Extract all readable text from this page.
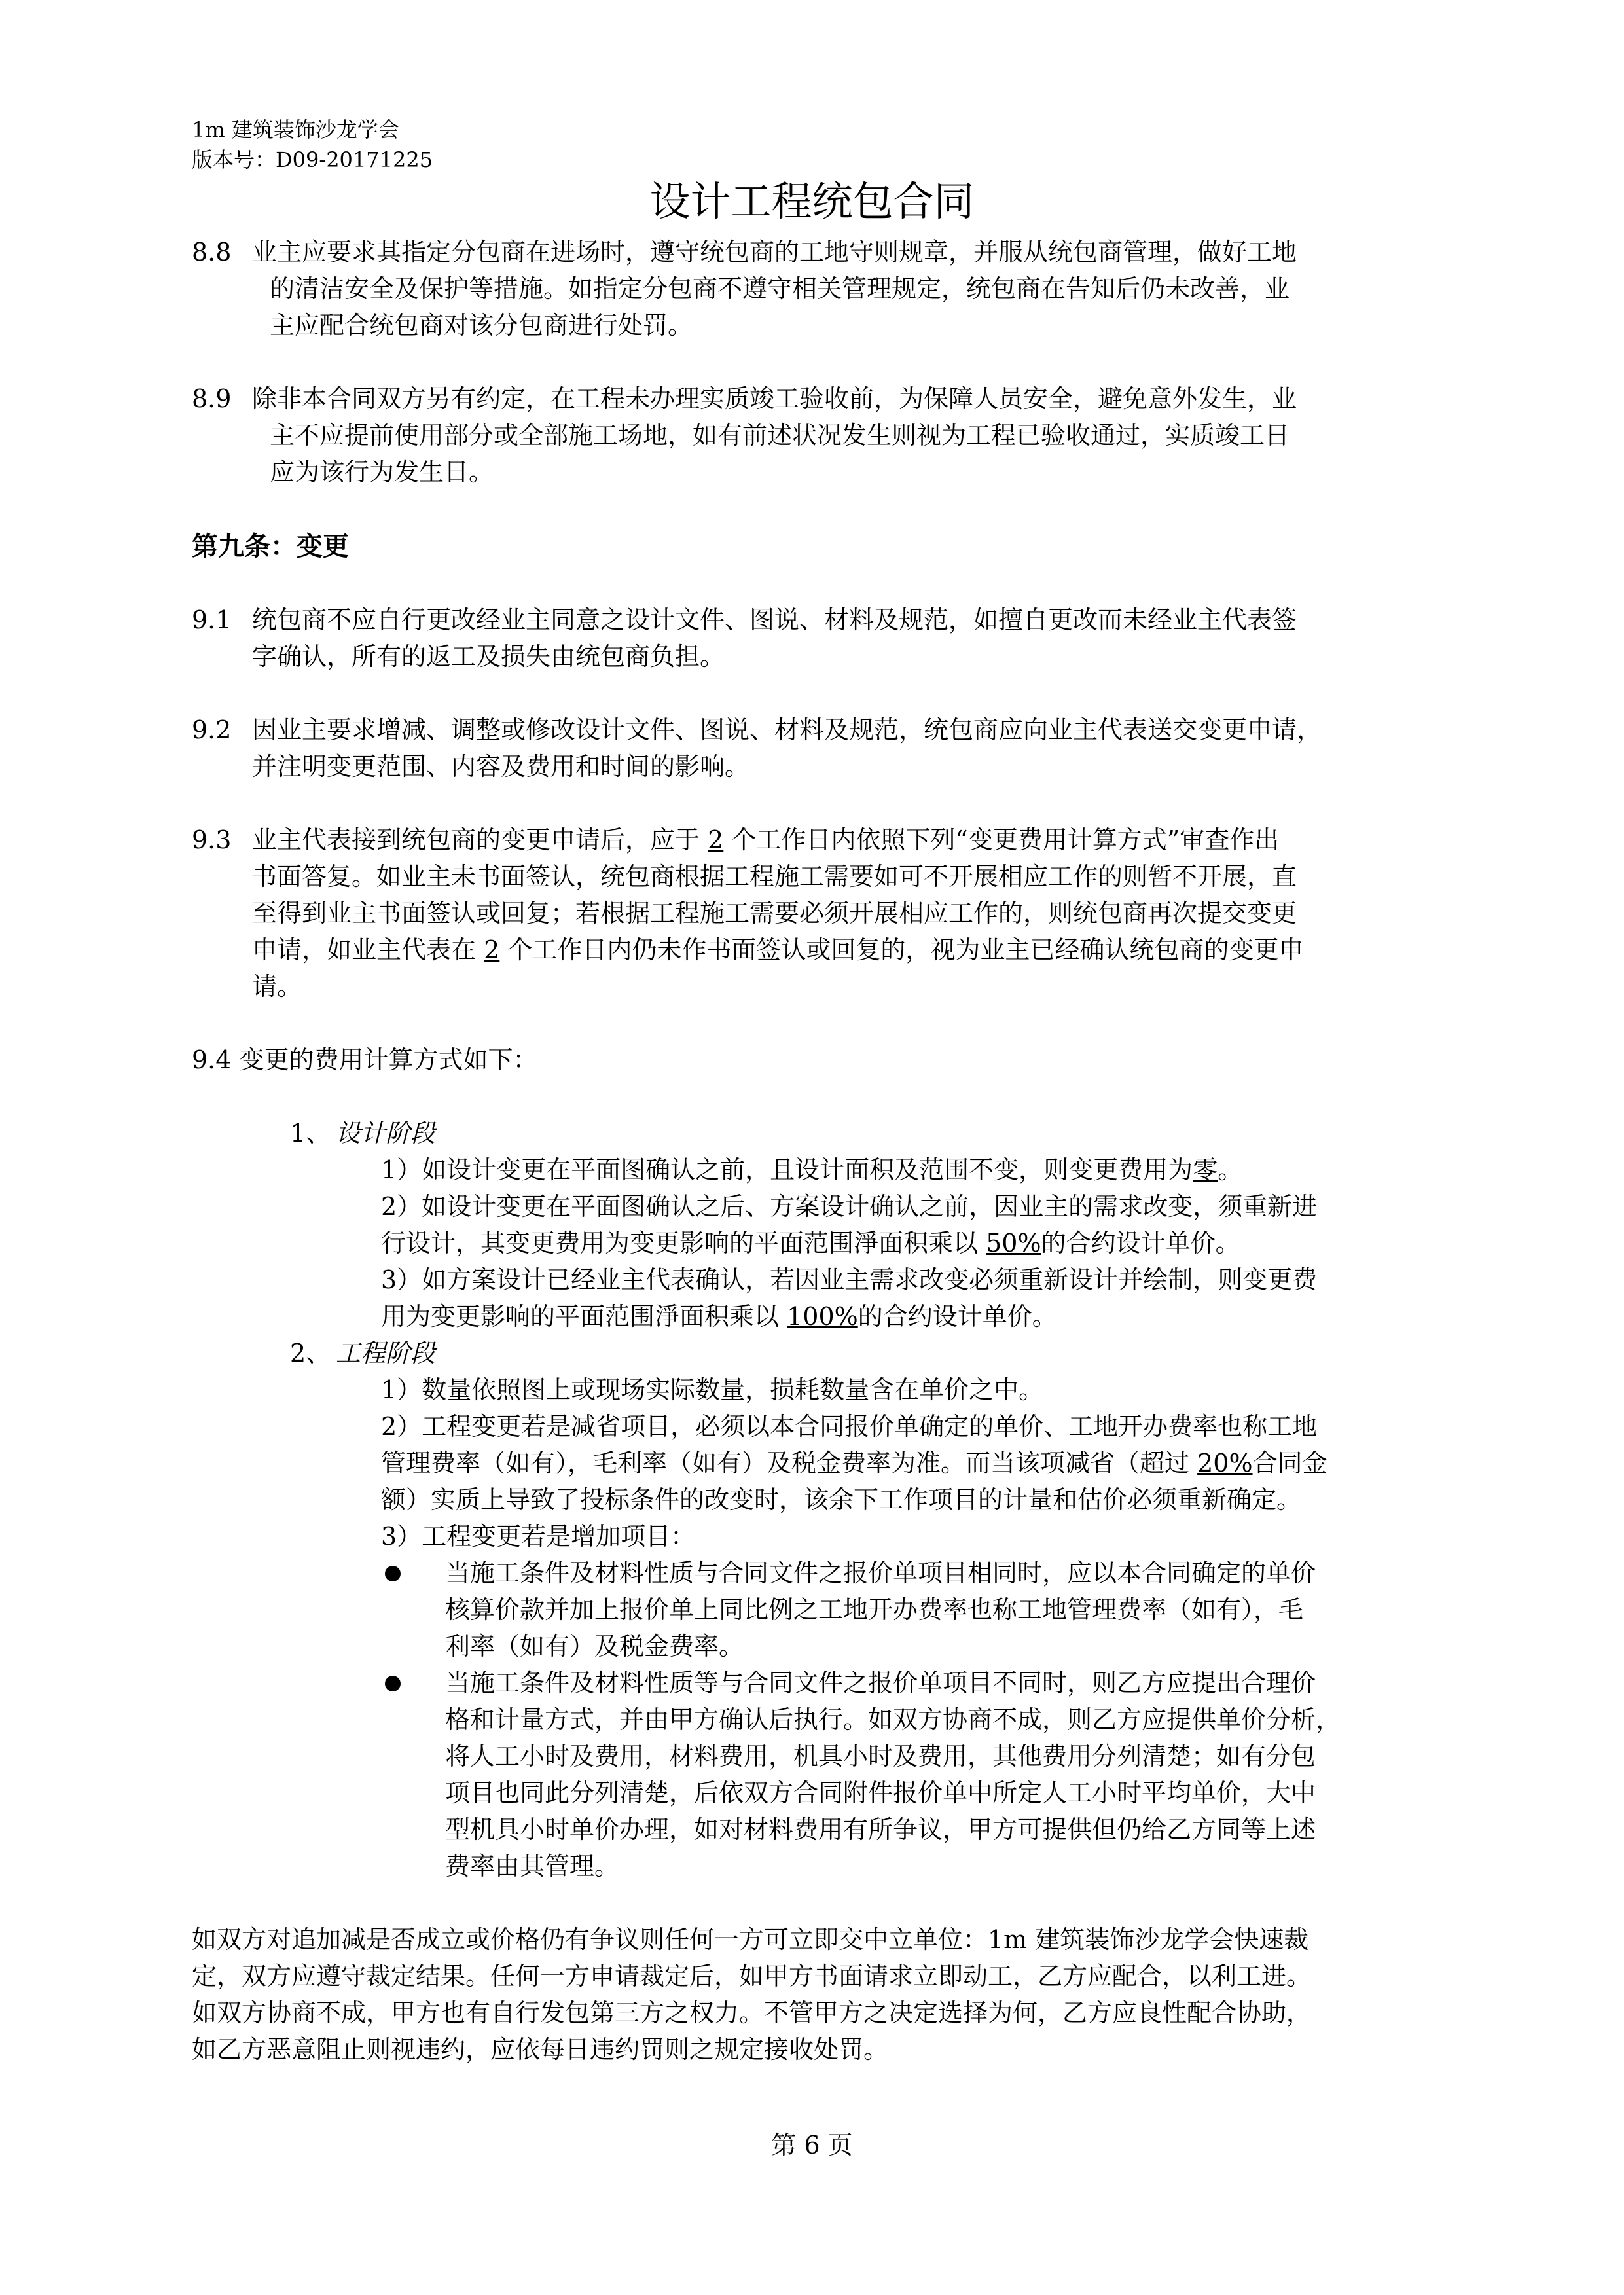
1m 建筑装饰沙龙学会
版本号：D09-20171225
设计工程统包合同
8.8 业主应要求其指定分包商在进场时，遵守统包商的工地守则规章，并服从统包商管理，做好工地
的清洁安全及保护等措施。如指定分包商不遵守相关管理规定，统包商在告知后仍未改善，业
主应配合统包商对该分包商进行处罚。
8.9 除非本合同双方另有约定，在工程未办理实质竣工验收前，为保障人员安全，避免意外发生，业
主不应提前使用部分或全部施工场地，如有前述状况发生则视为工程已验收通过，实质竣工日
应为该行为发生日。
第九条：变更
9.1 统包商不应自行更改经业主同意之设计文件、图说、材料及规范，如擅自更改而未经业主代表签
字确认，所有的返工及损失由统包商负担。
9.2 因业主要求增减、调整或修改设计文件、图说、材料及规范，统包商应向业主代表送交变更申请，
并注明变更范围、内容及费用和时间的影响。
9.3 业主代表接到统包商的变更申请后，应于 2 个工作日内依照下列“变更费用计算方式”审查作出
书面答复。如业主未书面签认，统包商根据工程施工需要如可不开展相应工作的则暂不开展，直
至得到业主书面签认或回复；若根据工程施工需要必须开展相应工作的，则统包商再次提交变更
申请，如业主代表在 2 个工作日内仍未作书面签认或回复的，视为业主已经确认统包商的变更申
请。
9.4 变更的费用计算方式如下：
1、 设计阶段
1）如设计变更在平面图确认之前，且设计面积及范围不变，则变更费用为零。
2）如设计变更在平面图确认之后、方案设计确认之前，因业主的需求改变，须重新进
行设计，其变更费用为变更影响的平面范围淨面积乘以 50%的合约设计单价。
3）如方案设计已经业主代表确认，若因业主需求改变必须重新设计并绘制，则变更费
用为变更影响的平面范围淨面积乘以 100%的合约设计单价。
2、 工程阶段
1）数量依照图上或现场实际数量，损耗数量含在单价之中。
2）工程变更若是减省项目，必须以本合同报价单确定的单价、工地开办费率也称工地
管理费率（如有），毛利率（如有）及税金费率为准。而当该项减省（超过 20%合同金
额）实质上导致了投标条件的改变时，该余下工作项目的计量和估价必须重新确定。
3）工程变更若是增加项目：
当施工条件及材料性质与合同文件之报价单项目相同时，应以本合同确定的单价
核算价款并加上报价单上同比例之工地开办费率也称工地管理费率（如有），毛
利率（如有）及税金费率。
当施工条件及材料性质等与合同文件之报价单项目不同时，则乙方应提出合理价
格和计量方式，并由甲方确认后执行。如双方协商不成，则乙方应提供单价分析，
将人工小时及费用，材料费用，机具小时及费用，其他费用分列清楚；如有分包
项目也同此分列清楚，后依双方合同附件报价单中所定人工小时平均单价，大中
型机具小时单价办理，如对材料费用有所争议，甲方可提供但仍给乙方同等上述
费率由其管理。
如双方对追加减是否成立或价格仍有争议则任何一方可立即交中立单位：1m 建筑装饰沙龙学会快速裁
定，双方应遵守裁定结果。任何一方申请裁定后，如甲方书面请求立即动工，乙方应配合，以利工进。
如双方协商不成，甲方也有自行发包第三方之权力。不管甲方之决定选择为何，乙方应良性配合协助，
如乙方恶意阻止则视违约，应依每日违约罚则之规定接收处罚。
第 6 页
